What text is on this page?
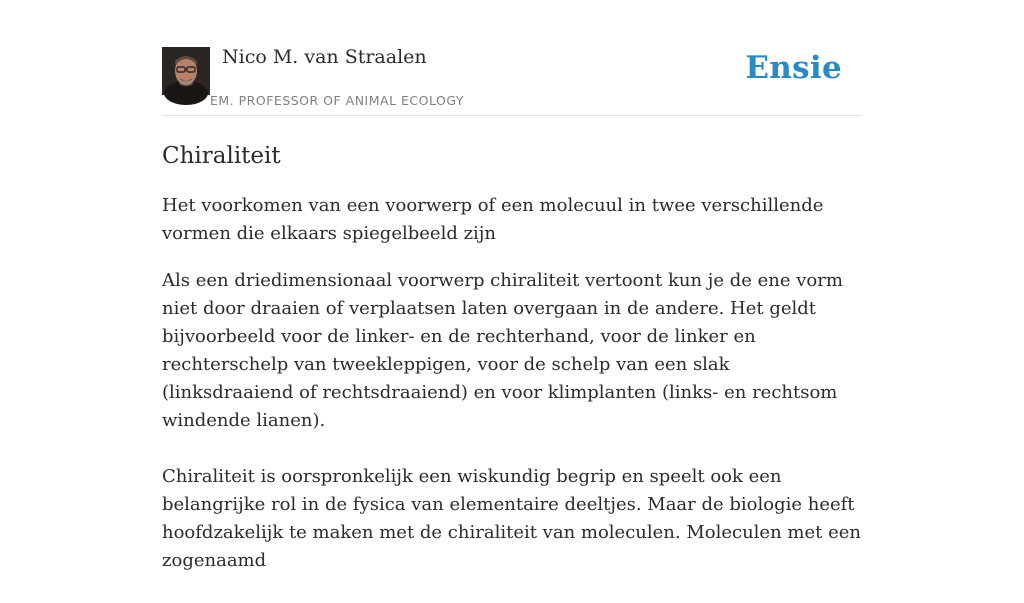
Nico M. van Straalen
EM. PROFESSOR OF ANIMAL ECOLOGY
Ensie
Chiraliteit
Het voorkomen van een voorwerp of een molecuul in twee verschillende vormen die elkaars spiegelbeeld zijn

Als een driedimensionaal voorwerp chiraliteit vertoont kun je de ene vorm niet door draaien of verplaatsen laten overgaan in de andere. Het geldt bijvoorbeeld voor de linker- en de rechterhand, voor de linker en rechterschelp van tweekleppigen, voor de schelp van een slak (linksdraaiend of rechtsdraaiend) en voor klimplanten (links- en rechtsom windende lianen).

Chiraliteit is oorspronkelijk een wiskundig begrip en speelt ook een belangrijke rol in de fysica van elementaire deeltjes. Maar de biologie heeft hoofdzakelijk te maken met de chiraliteit van moleculen. Moleculen met een zogenaamd
